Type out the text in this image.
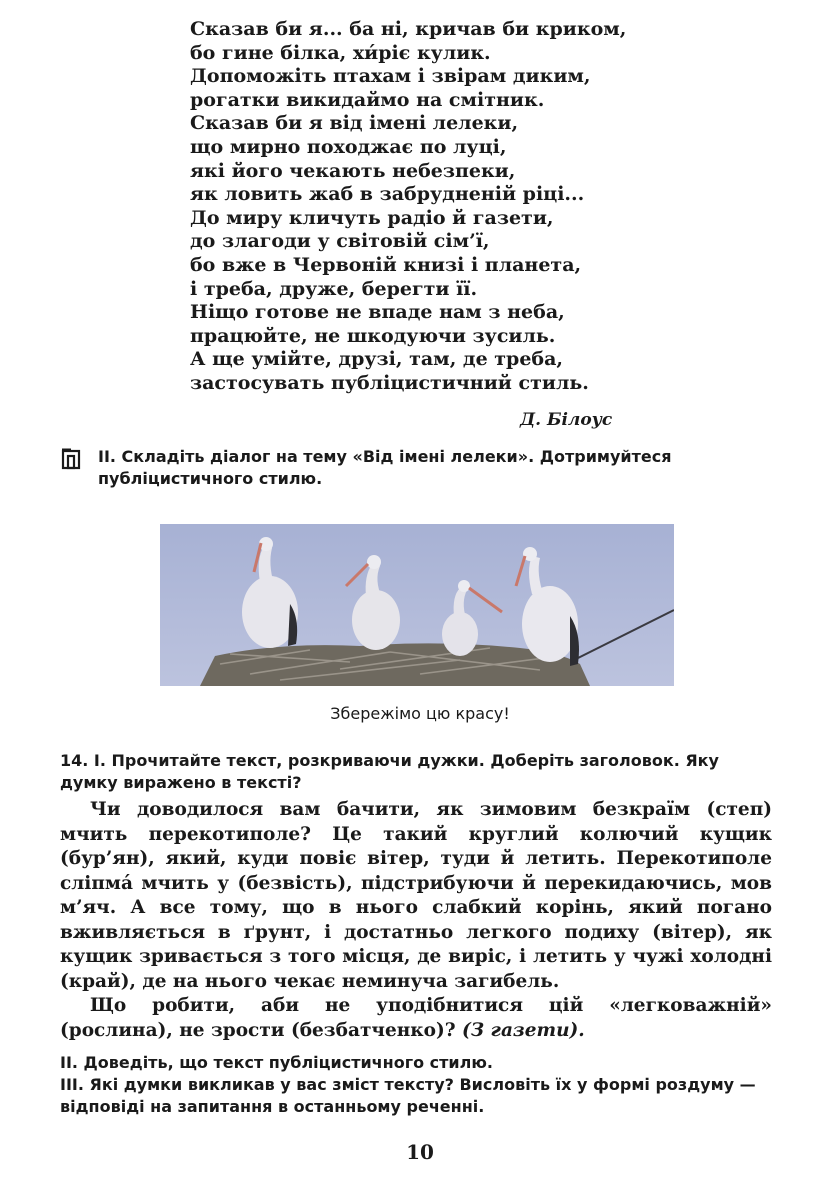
Сказав би я... ба ні, кричав би криком,
бо гине білка, хи́ріє кулик.
Допоможіть птахам і звірам диким,
рогатки викидаймо на смітник.
Сказав би я від імені лелеки,
що мирно походжає по луці,
які його чекають небезпеки,
як ловить жаб в забрудненій ріці...
До миру кличуть радіо й газети,
до злагоди у світовій сім’ї,
бо вже в Червоній книзі і планета,
і треба, друже, берегти її.
Ніщо готове не впаде нам з неба,
працюйте, не шкодуючи зусиль.
А ще умійте, друзі, там, де треба,
застосувать публіцистичний стиль.
Д. Білоус
II. Складіть діалог на тему «Від імені лелеки». Дотримуйтеся публіцистичного стилю.
Збережімо цю красу!
14. І. Прочитайте текст, розкриваючи дужки. Доберіть заголовок. Яку думку виражено в тексті?

Чи доводилося вам бачити, як зимовим безкраїм (степ) мчить перекотиполе? Це такий круглий колючий кущик (бур’ян), який, куди повіє вітер, туди й летить. Перекотиполе сліпма́ мчить у (безвість), підстрибуючи й перекидаючись, мов м’яч. А все тому, що в нього слабкий корінь, який погано вживляється в ґрунт, і достатньо легкого подиху (вітер), як кущик зривається з того місця, де виріс, і летить у чужі холодні (край), де на нього чекає неминуча загибель.

Що робити, аби не уподібнитися цій «легковажній» (рослина), не зрости (безбатченко)? (З газети).

II. Доведіть, що текст публіцистичного стилю.

III. Які думки викликав у вас зміст тексту? Висловіть їх у формі роздуму — відповіді на запитання в останньому реченні.

10
